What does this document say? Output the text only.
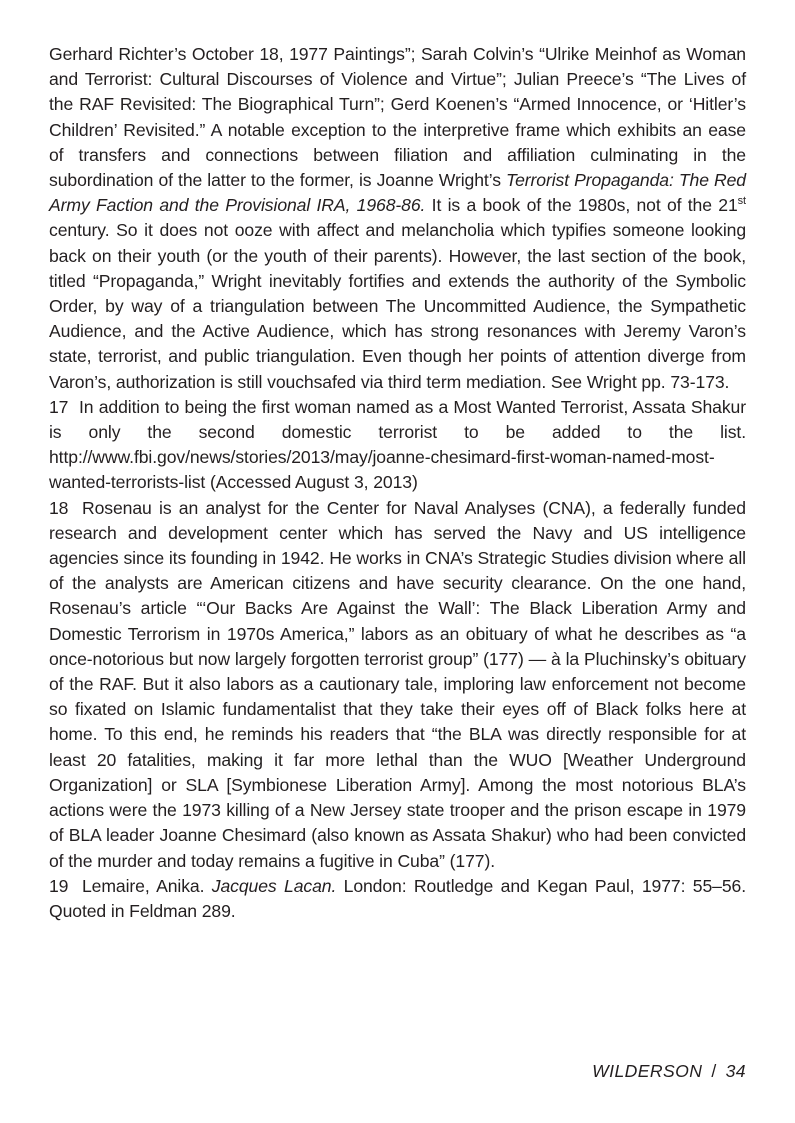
Gerhard Richter’s October 18, 1977 Paintings”; Sarah Colvin’s “Ulrike Meinhof as Woman and Terrorist: Cultural Discourses of Violence and Virtue”; Julian Preece’s “The Lives of the RAF Revisited: The Biographical Turn”; Gerd Koenen’s “Armed Innocence, or ‘Hitler’s Children’ Revisited.” A notable exception to the interpretive frame which exhibits an ease of transfers and connections between filiation and affiliation culminating in the subordination of the latter to the former, is Joanne Wright’s Terrorist Propaganda: The Red Army Faction and the Provisional IRA, 1968-86. It is a book of the 1980s, not of the 21st century. So it does not ooze with affect and melancholia which typifies someone looking back on their youth (or the youth of their parents). However, the last section of the book, titled “Propaganda,” Wright inevitably fortifies and extends the authority of the Symbolic Order, by way of a triangulation between The Uncommitted Audience, the Sympathetic Audience, and the Active Audience, which has strong resonances with Jeremy Varon’s state, terrorist, and public triangulation. Even though her points of attention diverge from Varon’s, authorization is still vouchsafed via third term mediation. See Wright pp. 73-173.

17 In addition to being the first woman named as a Most Wanted Terrorist, Assata Shakur is only the second domestic terrorist to be added to the list. http://www.fbi.gov/news/stories/2013/may/joanne-chesimard-first-woman-named-most-wanted-terrorists-list (Accessed August 3, 2013)

18 Rosenau is an analyst for the Center for Naval Analyses (CNA), a federally funded research and development center which has served the Navy and US intelligence agencies since its founding in 1942. He works in CNA’s Strategic Studies division where all of the analysts are American citizens and have security clearance. On the one hand, Rosenau’s article “‘Our Backs Are Against the Wall’: The Black Liberation Army and Domestic Terrorism in 1970s America,” labors as an obituary of what he describes as “a once-notorious but now largely forgotten terrorist group” (177) — à la Pluchinsky’s obituary of the RAF. But it also labors as a cautionary tale, imploring law enforcement not become so fixated on Islamic fundamentalist that they take their eyes off of Black folks here at home. To this end, he reminds his readers that “the BLA was directly responsible for at least 20 fatalities, making it far more lethal than the WUO [Weather Underground Organization] or SLA [Symbionese Liberation Army]. Among the most notorious BLA’s actions were the 1973 killing of a New Jersey state trooper and the prison escape in 1979 of BLA leader Joanne Chesimard (also known as Assata Shakur) who had been convicted of the murder and today remains a fugitive in Cuba” (177).

19 Lemaire, Anika. Jacques Lacan. London: Routledge and Kegan Paul, 1977: 55–56. Quoted in Feldman 289.

WILDERSON / 34
